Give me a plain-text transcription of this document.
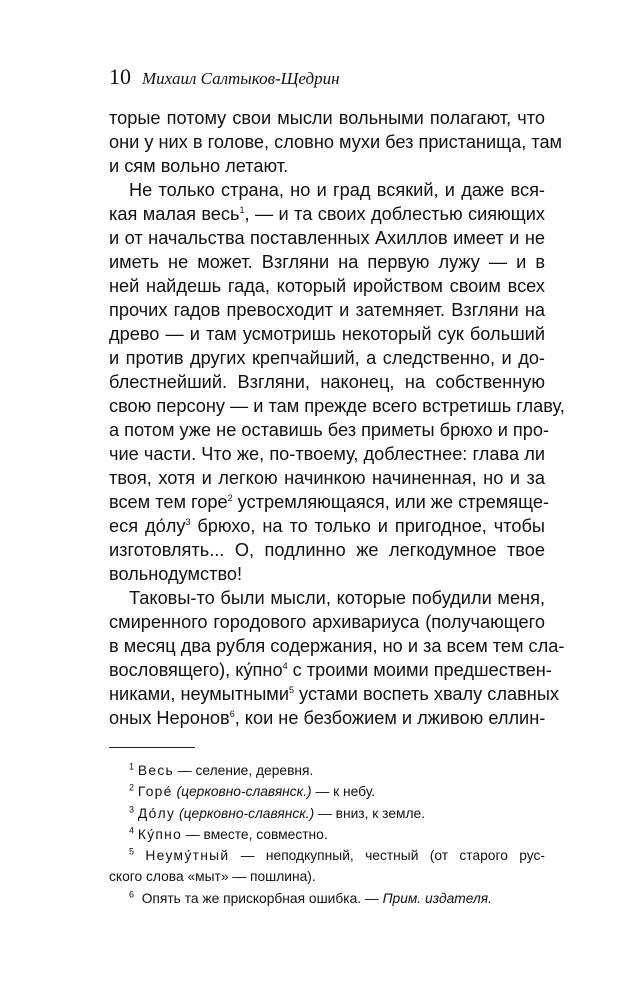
10 Михаил Салтыков-Щедрин
торые потому свои мысли вольными полагают, что
они у них в голове, словно мухи без пристанища, там
и сям вольно летают.
Не только страна, но и град всякий, и даже вся-
кая малая весь$^1$, — и та своих доблестью сияющих
и от начальства поставленных Ахиллов имеет и не
иметь не может. Взгляни на первую лужу — и в
ней найдешь гада, который иройством своим всех
прочих гадов превосходит и затемняет. Взгляни на
древо — и там усмотришь некоторый сук больший
и против других крепчайший, а следственно, и до-
блестнейший. Взгляни, наконец, на собственную
свою персону — и там прежде всего встретишь главу,
а потом уже не оставишь без приметы брюхо и про-
чие части. Что же, по-твоему, доблестнее: глава ли
твоя, хотя и легкою начинкою начиненная, но и за
всем тем горе$^2$ устремляющаяся, или же стремяще-
еся $до́лу^3$ брюхо, на то только и пригодное, чтобы
изготовлять... О, подлинно же легкодумное твое
вольнодумство!
Таковы-то были мысли, которые побудили меня,
смиренного городового архивариуса (получающего
в месяц два рубля содержания, но и за всем тем сла-
вословящего), ку́пно$^4$ с троими моими предшествен-
никами, неумытными$^5$ устами воспеть хвалу славных
оных Неронов$^6$, кои не безбожием и лживою еллин-
$^1$ Весь — селение, деревня.
$^2$ Горе́ (церковно-славянск.) — к небу.
$^3$ До́лу (церковно-славянск.) — вниз, к земле.
$^4$ Ку́пно — вместе, совместно.
$^5$ Неуму́тный — неподкупный, честный (от старого рус-
ского слова «мыт» — пошлина).
$^6$ Опять та же прискорбная ошибка. — Прим. издателя.
